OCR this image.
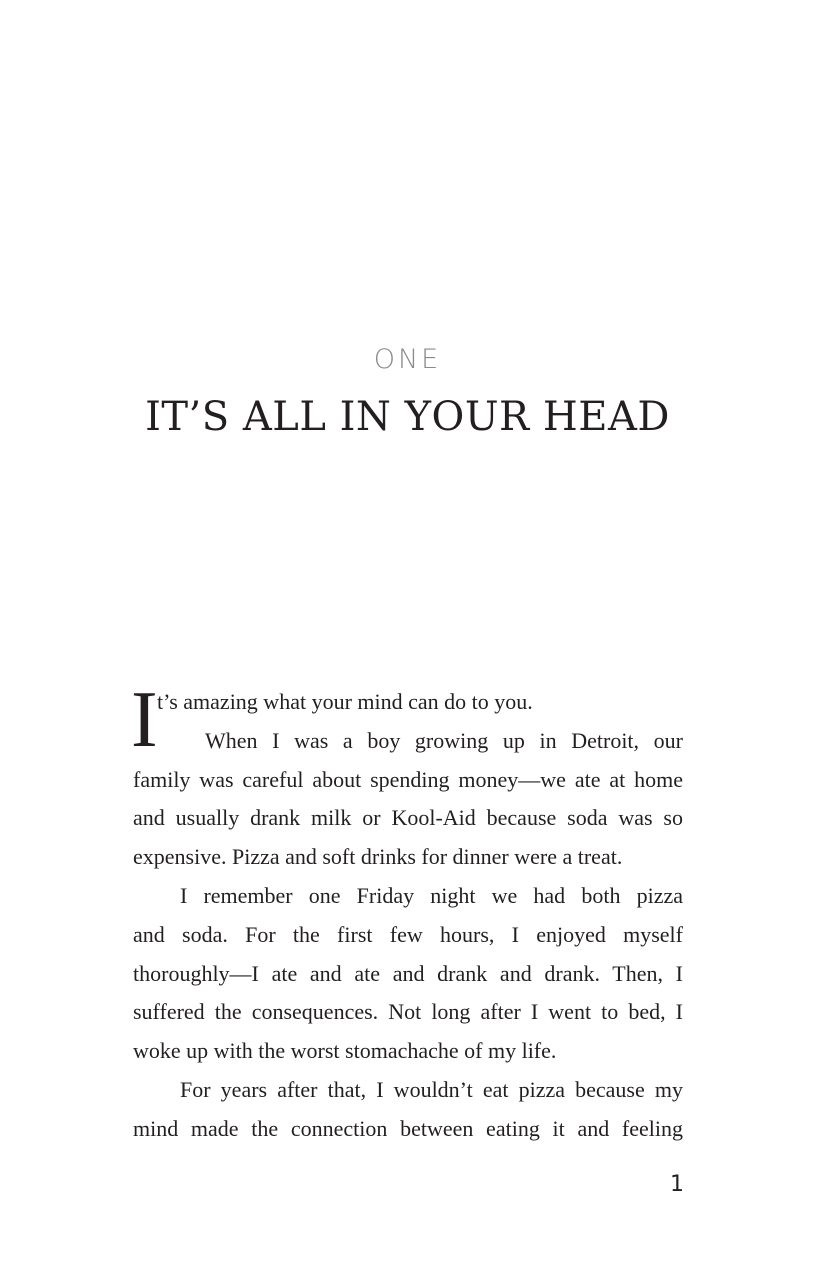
ONE
IT’S ALL IN YOUR HEAD
I t’s amazing what your mind can do to you.
When I was a boy growing up in Detroit, our
family was careful about spending money—we ate at home
and usually drank milk or Kool-Aid because soda was so
expensive. Pizza and soft drinks for dinner were a treat.
I remember one Friday night we had both pizza
and soda. For the first few hours, I enjoyed myself
thoroughly—I ate and ate and drank and drank. Then, I
suffered the consequences. Not long after I went to bed, I
woke up with the worst stomachache of my life.
For years after that, I wouldn’t eat pizza because my
mind made the connection between eating it and feeling
1
